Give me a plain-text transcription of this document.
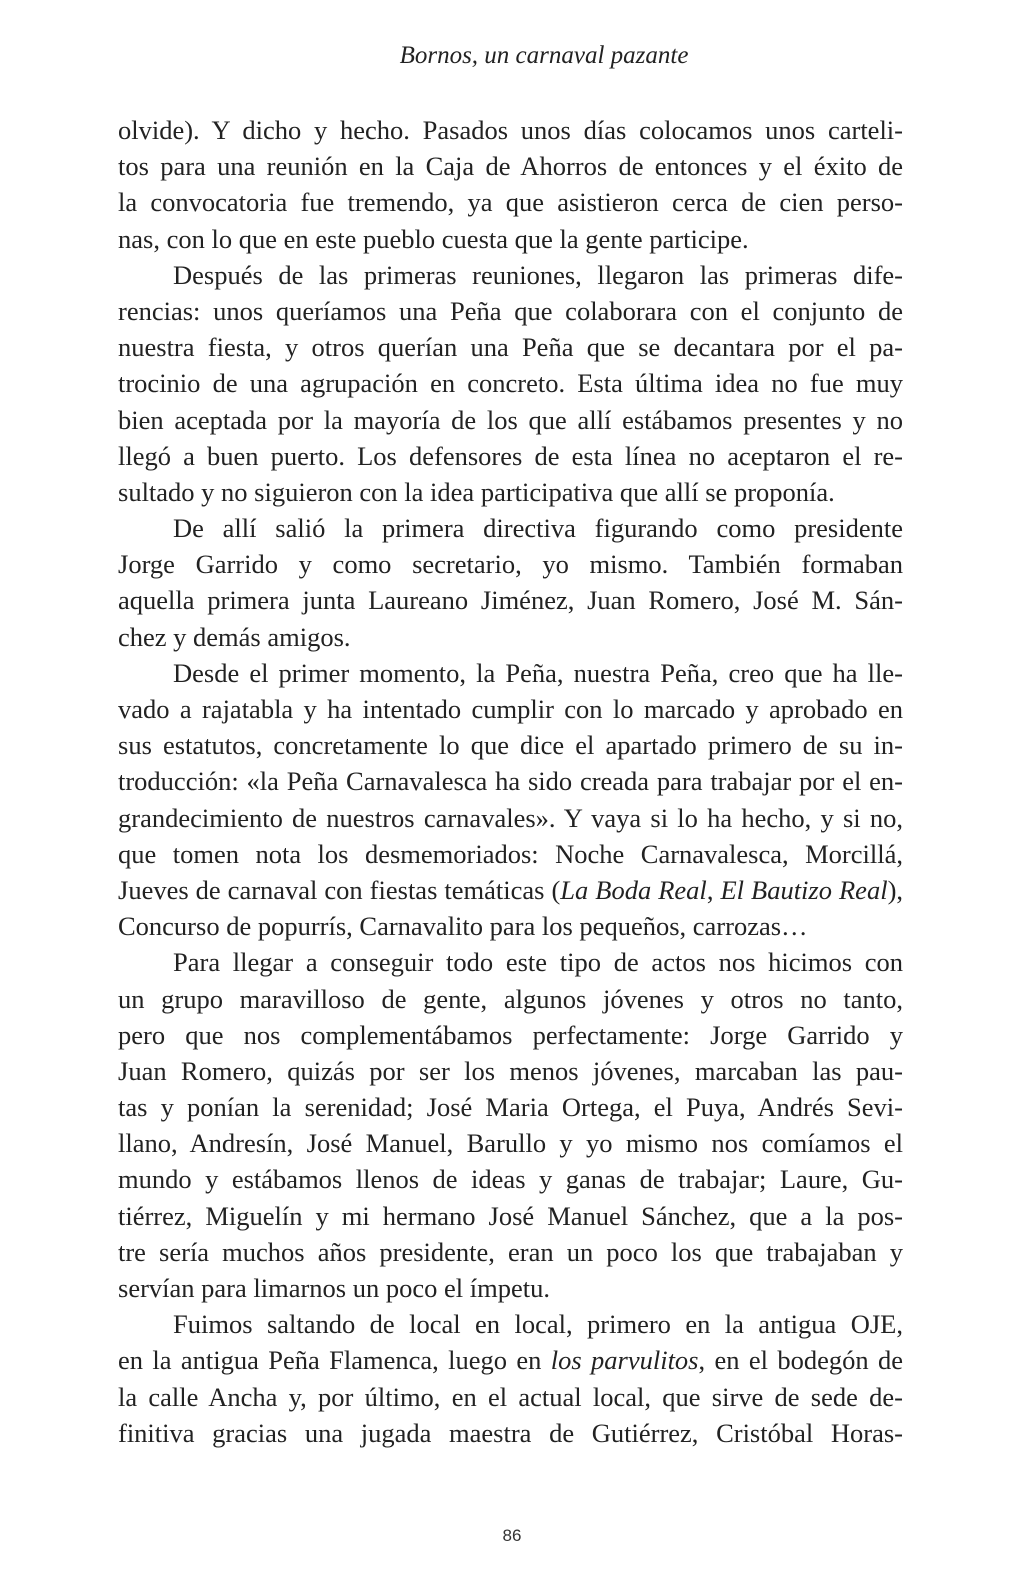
Bornos, un carnaval pazante
olvide). Y dicho y hecho. Pasados unos días colocamos unos carteli-
tos para una reunión en la Caja de Ahorros de entonces y el éxito de
la convocatoria fue tremendo, ya que asistieron cerca de cien perso-
nas, con lo que en este pueblo cuesta que la gente participe.
Después de las primeras reuniones, llegaron las primeras dife-
rencias: unos queríamos una Peña que colaborara con el conjunto de
nuestra fiesta, y otros querían una Peña que se decantara por el pa-
trocinio de una agrupación en concreto. Esta última idea no fue muy
bien aceptada por la mayoría de los que allí estábamos presentes y no
llegó a buen puerto. Los defensores de esta línea no aceptaron el re-
sultado y no siguieron con la idea participativa que allí se proponía.
De allí salió la primera directiva figurando como presidente
Jorge Garrido y como secretario, yo mismo. También formaban
aquella primera junta Laureano Jiménez, Juan Romero, José M. Sán-
chez y demás amigos.
Desde el primer momento, la Peña, nuestra Peña, creo que ha lle-
vado a rajatabla y ha intentado cumplir con lo marcado y aprobado en
sus estatutos, concretamente lo que dice el apartado primero de su in-
troducción: «la Peña Carnavalesca ha sido creada para trabajar por el en-
grandecimiento de nuestros carnavales». Y vaya si lo ha hecho, y si no,
que tomen nota los desmemoriados: Noche Carnavalesca, Morcillá,
Jueves de carnaval con fiestas temáticas (La Boda Real, El Bautizo Real),
Concurso de popurrís, Carnavalito para los pequeños, carrozas…
Para llegar a conseguir todo este tipo de actos nos hicimos con
un grupo maravilloso de gente, algunos jóvenes y otros no tanto,
pero que nos complementábamos perfectamente: Jorge Garrido y
Juan Romero, quizás por ser los menos jóvenes, marcaban las pau-
tas y ponían la serenidad; José Maria Ortega, el Puya, Andrés Sevi-
llano, Andresín, José Manuel, Barullo y yo mismo nos comíamos el
mundo y estábamos llenos de ideas y ganas de trabajar; Laure, Gu-
tiérrez, Miguelín y mi hermano José Manuel Sánchez, que a la pos-
tre sería muchos años presidente, eran un poco los que trabajaban y
servían para limarnos un poco el ímpetu.
Fuimos saltando de local en local, primero en la antigua OJE,
en la antigua Peña Flamenca, luego en los parvulitos, en el bodegón de
la calle Ancha y, por último, en el actual local, que sirve de sede de-
finitiva gracias una jugada maestra de Gutiérrez, Cristóbal Horas-
86
